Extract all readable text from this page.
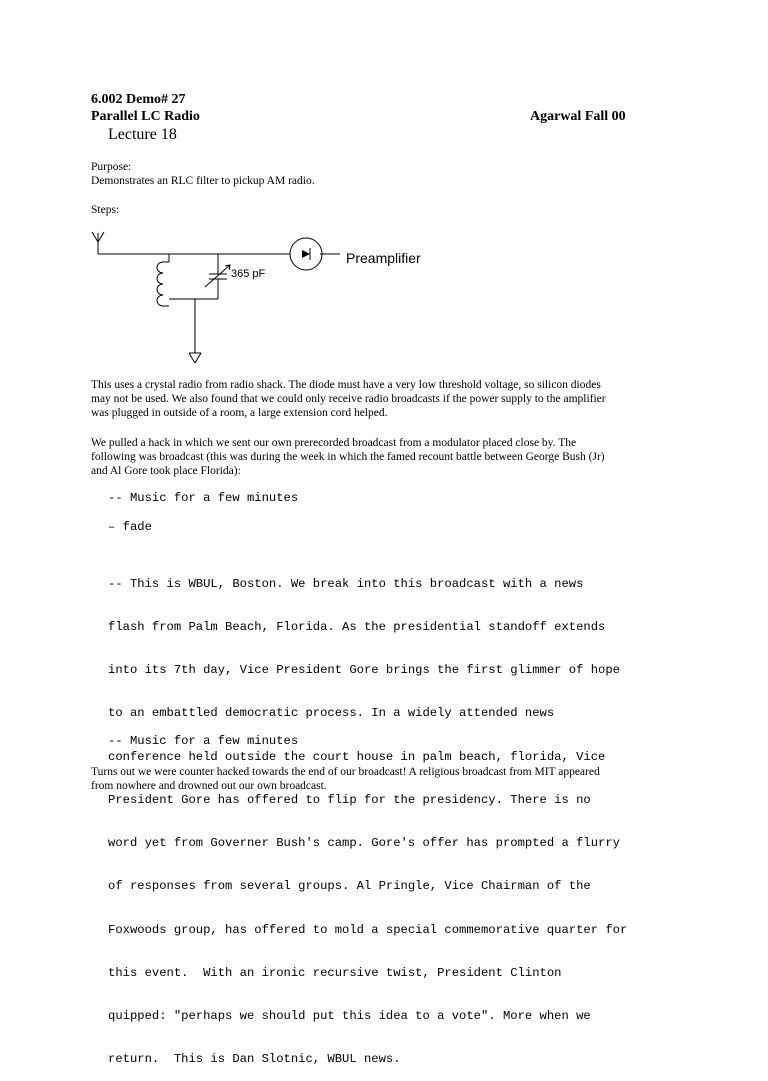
6.002 Demo# 27
Parallel LC Radio	Agarwal Fall 00
Lecture 18
Purpose:
Demonstrates an RLC filter to pickup AM radio.
Steps:
365 pF
Preamplifier
This uses a crystal radio from radio shack. The diode must have a very low threshold voltage, so silicon diodes
may not be used. We also found that we could only receive radio broadcasts if the power supply to the amplifier
was plugged in outside of a room, a large extension cord helped.
We pulled a hack in which we sent our own prerecorded broadcast from a modulator placed close by. The
following was broadcast (this was during the week in which the famed recount battle between George Bush (Jr)
and Al Gore took place Florida):
-- Music for a few minutes
– fade

-- This is WBUL, Boston. We break into this broadcast with a news

flash from Palm Beach, Florida. As the presidential standoff extends

into its 7th day, Vice President Gore brings the first glimmer of hope

to an embattled democratic process. In a widely attended news

conference held outside the court house in palm beach, florida, Vice

President Gore has offered to flip for the presidency. There is no

word yet from Governer Bush's camp. Gore's offer has prompted a flurry

of responses from several groups. Al Pringle, Vice Chairman of the

Foxwoods group, has offered to mold a special commemorative quarter for

this event.  With an ironic recursive twist, President Clinton

quipped: "perhaps we should put this idea to a vote". More when we

return.  This is Dan Slotnic, WBUL news.

-- Music for a few minutes
Turns out we were counter hacked towards the end of our broadcast! A religious broadcast from MIT appeared
from nowhere and drowned out our own broadcast.
